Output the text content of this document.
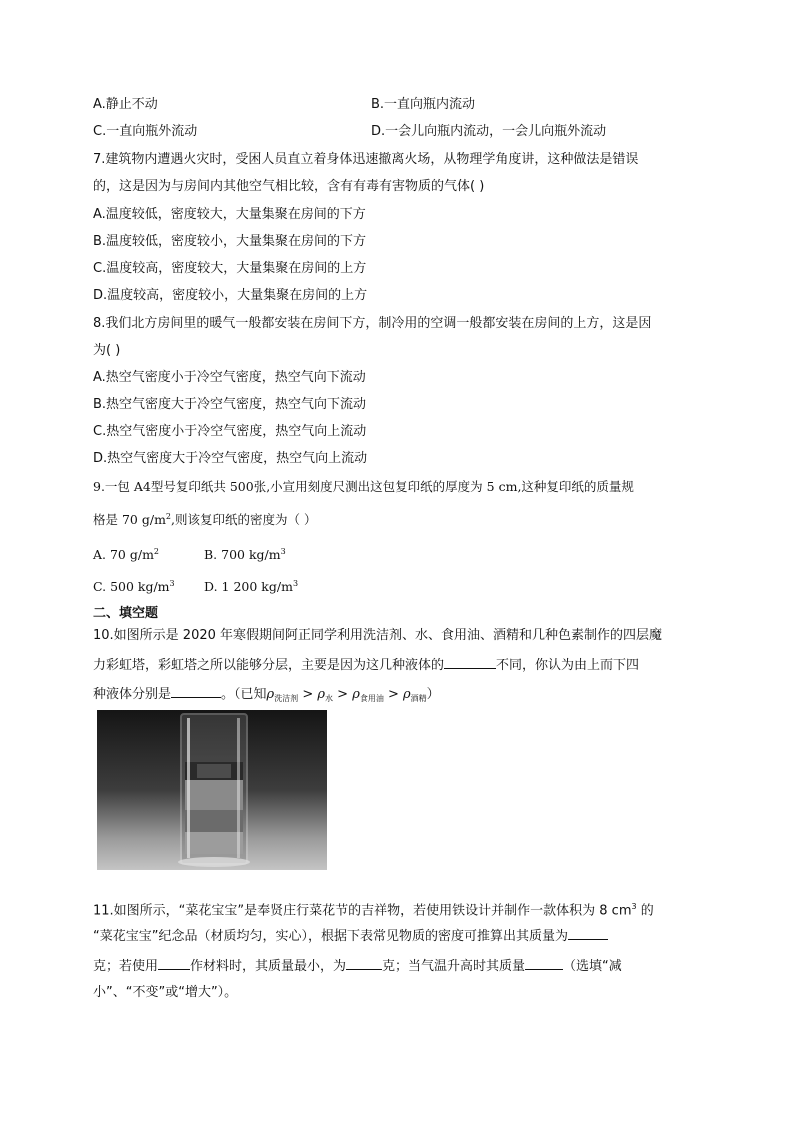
A.静止不动	B.一直向瓶内流动
C.一直向瓶外流动	D.一会儿向瓶内流动，一会儿向瓶外流动
7.建筑物内遭遇火灾时，受困人员直立着身体迅速撤离火场，从物理学角度讲，这种做法是错误
的，这是因为与房间内其他空气相比较，含有有毒有害物质的气体( )
A.温度较低，密度较大，大量集聚在房间的下方
B.温度较低，密度较小，大量集聚在房间的下方
C.温度较高，密度较大，大量集聚在房间的上方
D.温度较高，密度较小，大量集聚在房间的上方
8.我们北方房间里的暖气一般都安装在房间下方，制冷用的空调一般都安装在房间的上方，这是因
为( )
A.热空气密度小于冷空气密度，热空气向下流动
B.热空气密度大于冷空气密度，热空气向下流动
C.热空气密度小于冷空气密度，热空气向上流动
D.热空气密度大于冷空气密度，热空气向上流动
9.一包 A4型号复印纸共 500张,小宣用刻度尺测出这包复印纸的厚度为 5 cm,这种复印纸的质量规
格是 70 $g/m^2$,则该复印纸的密度为（ ）
A. 70 $g/m^2$	B. 700 $kg/m^3$
C. 500 $kg/m^3$ D. 1 200 $kg/m^3$
二、填空题
10.如图所示是 2020 年寒假期间阿正同学利用洗洁剂、水、食用油、酒精和几种色素制作的四层魔
力彩虹塔，彩虹塔之所以能够分层，主要是因为这几种液体的	不同，你认为由上而下四
种液体分别是	。（已知$\rho_{洗洁剂} > \rho_水 > \rho_{食用油} > \rho_{酒精}$）
11.如图所示，“菜花宝宝”是奉贤庄行菜花节的吉祥物，若使用铁设计并制作一款体积为 8 $cm^3$ 的
“菜花宝宝”纪念品（材质均匀，实心），根据下表常见物质的密度可推算出其质量为
克；若使用 作材料时，其质量最小，为	克；当气温升高时其质量	（选填“减
小”、“不变”或“增大”）。
